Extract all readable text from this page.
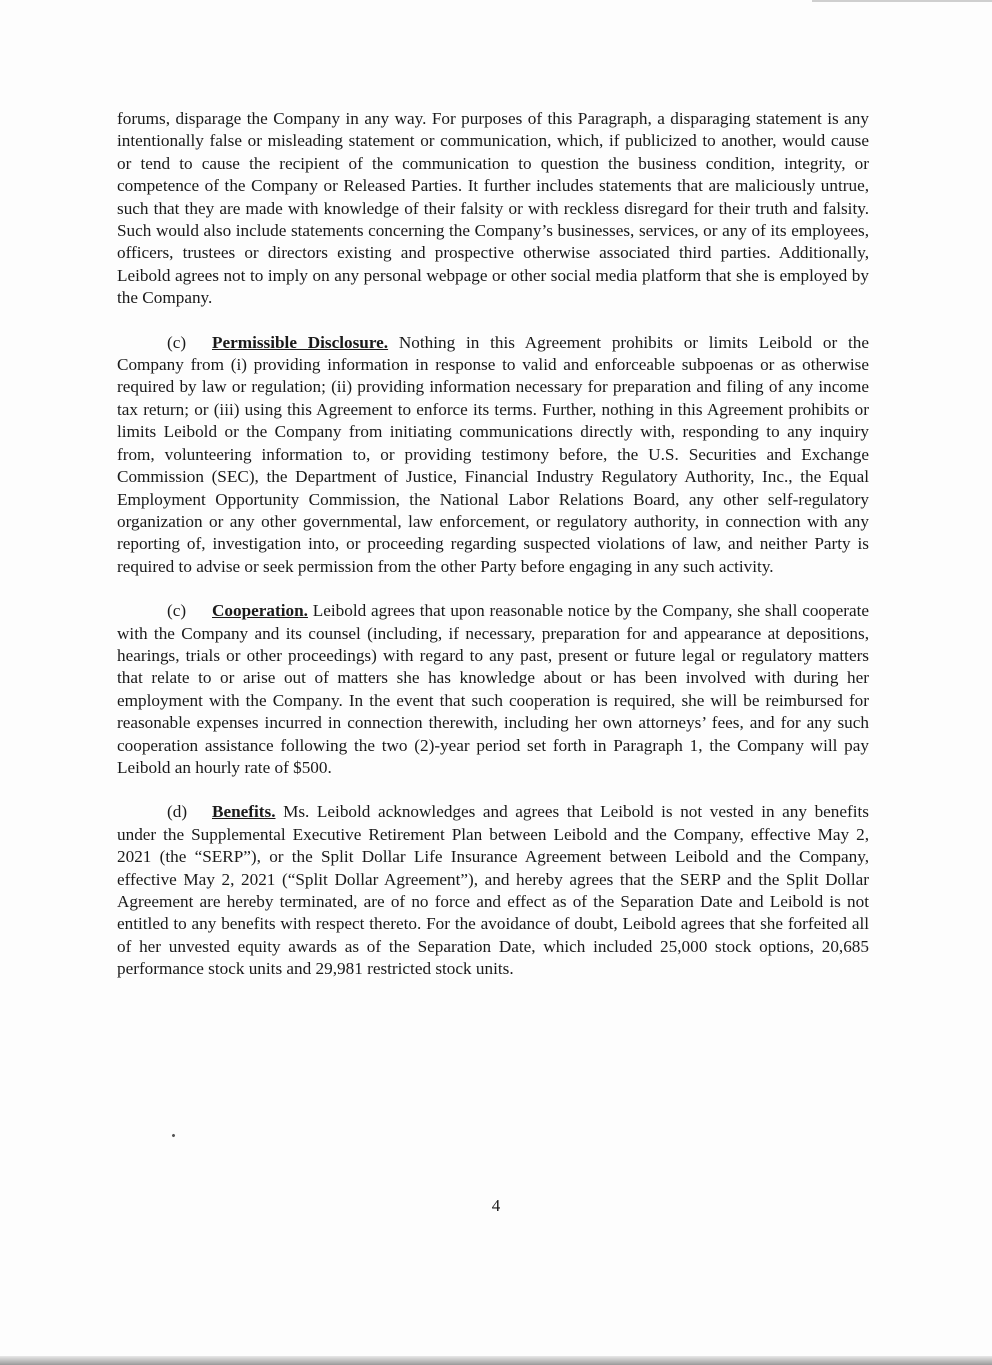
forums, disparage the Company in any way. For purposes of this Paragraph, a disparaging statement is any intentionally false or misleading statement or communication, which, if publicized to another, would cause or tend to cause the recipient of the communication to question the business condition, integrity, or competence of the Company or Released Parties. It further includes statements that are maliciously untrue, such that they are made with knowledge of their falsity or with reckless disregard for their truth and falsity. Such would also include statements concerning the Company’s businesses, services, or any of its employees, officers, trustees or directors existing and prospective otherwise associated third parties. Additionally, Leibold agrees not to imply on any personal webpage or other social media platform that she is employed by the Company.

(c) Permissible Disclosure. Nothing in this Agreement prohibits or limits Leibold or the Company from (i) providing information in response to valid and enforceable subpoenas or as otherwise required by law or regulation; (ii) providing information necessary for preparation and filing of any income tax return; or (iii) using this Agreement to enforce its terms. Further, nothing in this Agreement prohibits or limits Leibold or the Company from initiating communications directly with, responding to any inquiry from, volunteering information to, or providing testimony before, the U.S. Securities and Exchange Commission (SEC), the Department of Justice, Financial Industry Regulatory Authority, Inc., the Equal Employment Opportunity Commission, the National Labor Relations Board, any other self-regulatory organization or any other governmental, law enforcement, or regulatory authority, in connection with any reporting of, investigation into, or proceeding regarding suspected violations of law, and neither Party is required to advise or seek permission from the other Party before engaging in any such activity.

(c) Cooperation. Leibold agrees that upon reasonable notice by the Company, she shall cooperate with the Company and its counsel (including, if necessary, preparation for and appearance at depositions, hearings, trials or other proceedings) with regard to any past, present or future legal or regulatory matters that relate to or arise out of matters she has knowledge about or has been involved with during her employment with the Company. In the event that such cooperation is required, she will be reimbursed for reasonable expenses incurred in connection therewith, including her own attorneys’ fees, and for any such cooperation assistance following the two (2)-year period set forth in Paragraph 1, the Company will pay Leibold an hourly rate of $500.

(d) Benefits. Ms. Leibold acknowledges and agrees that Leibold is not vested in any benefits under the Supplemental Executive Retirement Plan between Leibold and the Company, effective May 2, 2021 (the “SERP”), or the Split Dollar Life Insurance Agreement between Leibold and the Company, effective May 2, 2021 (“Split Dollar Agreement”), and hereby agrees that the SERP and the Split Dollar Agreement are hereby terminated, are of no force and effect as of the Separation Date and Leibold is not entitled to any benefits with respect thereto. For the avoidance of doubt, Leibold agrees that she forfeited all of her unvested equity awards as of the Separation Date, which included 25,000 stock options, 20,685 performance stock units and 29,981 restricted stock units.

4
